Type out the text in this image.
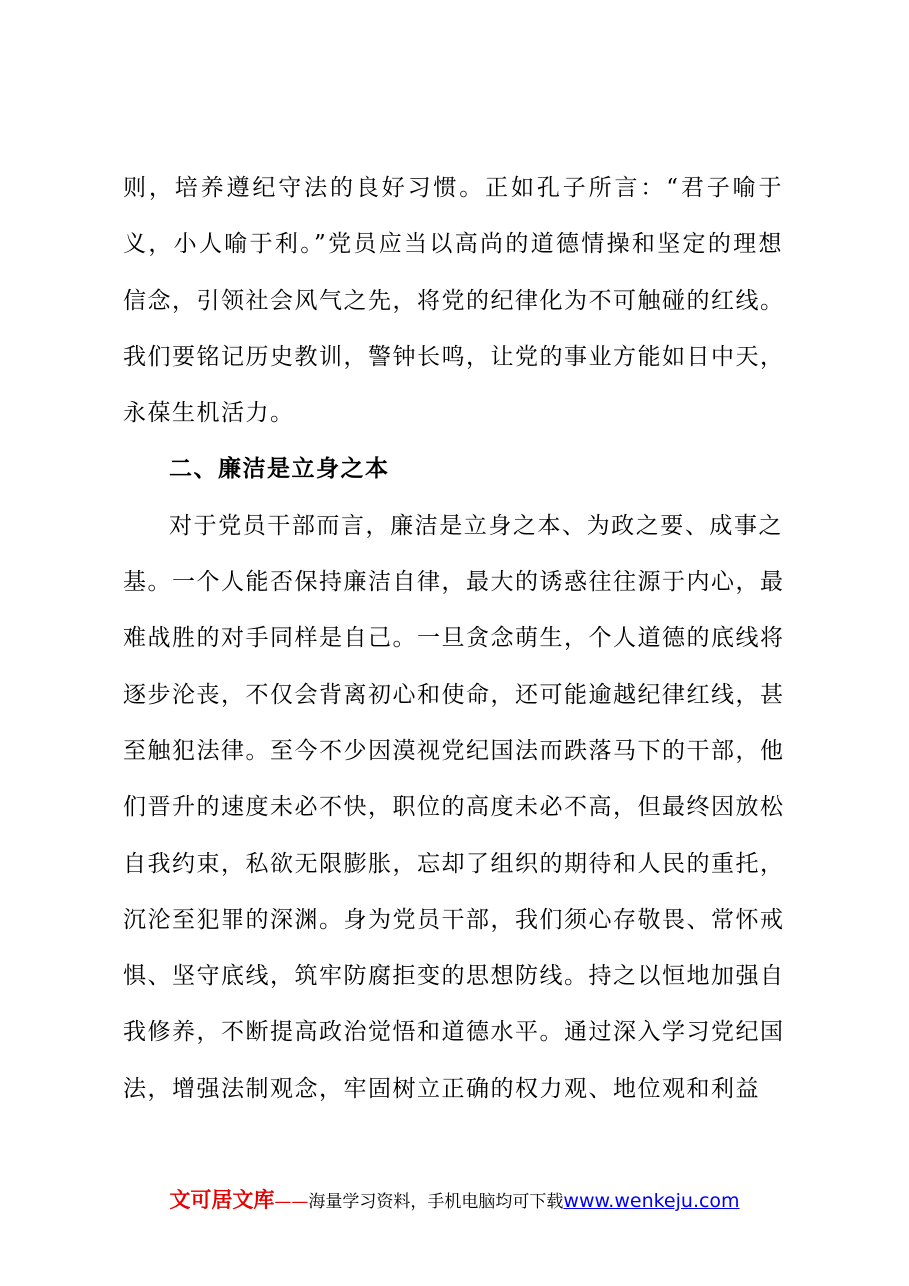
则，培养遵纪守法的良好习惯。正如孔子所言：“君子喻于
义，小人喻于利。”党员应当以高尚的道德情操和坚定的理想
信念，引领社会风气之先，将党的纪律化为不可触碰的红线。
我们要铭记历史教训，警钟长鸣，让党的事业方能如日中天，
永葆生机活力。
二、廉洁是立身之本
对于党员干部而言，廉洁是立身之本、为政之要、成事之
基。一个人能否保持廉洁自律，最大的诱惑往往源于内心，最
难战胜的对手同样是自己。一旦贪念萌生，个人道德的底线将
逐步沦丧，不仅会背离初心和使命，还可能逾越纪律红线，甚
至触犯法律。至今不少因漠视党纪国法而跌落马下的干部，他
们晋升的速度未必不快，职位的高度未必不高，但最终因放松
自我约束，私欲无限膨胀，忘却了组织的期待和人民的重托，
沉沦至犯罪的深渊。身为党员干部，我们须心存敬畏、常怀戒
惧、坚守底线，筑牢防腐拒变的思想防线。持之以恒地加强自
我修养，不断提高政治觉悟和道德水平。通过深入学习党纪国
法，增强法制观念，牢固树立正确的权力观、地位观和利益
文可居文库——海量学习资料，手机电脑均可下载www.wenkeju.com
